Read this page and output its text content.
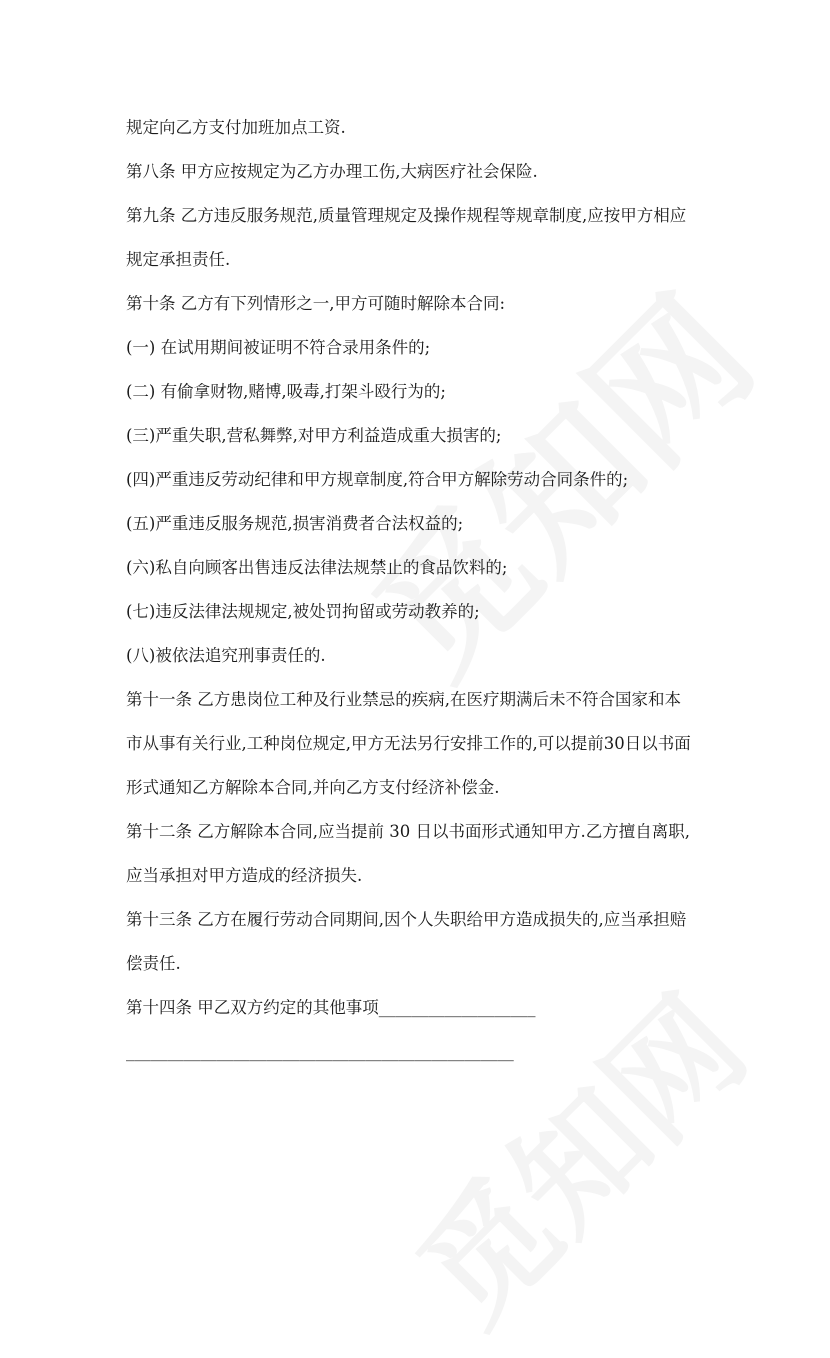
规定向乙方支付加班加点工资.
第八条 甲方应按规定为乙方办理工伤,大病医疗社会保险.
第九条 乙方违反服务规范,质量管理规定及操作规程等规章制度,应按甲方相应
规定承担责任.
第十条 乙方有下列情形之一,甲方可随时解除本合同:
(一) 在试用期间被证明不符合录用条件的;
(二) 有偷拿财物,赌博,吸毒,打架斗殴行为的;
(三)严重失职,营私舞弊,对甲方利益造成重大损害的;
(四)严重违反劳动纪律和甲方规章制度,符合甲方解除劳动合同条件的;
(五)严重违反服务规范,损害消费者合法权益的;
(六)私自向顾客出售违反法律法规禁止的食品饮料的;
(七)违反法律法规规定,被处罚拘留或劳动教养的;
(八)被依法追究刑事责任的.
第十一条 乙方患岗位工种及行业禁忌的疾病,在医疗期满后未不符合国家和本
市从事有关行业,工种岗位规定,甲方无法另行安排工作的,可以提前30日以书面
形式通知乙方解除本合同,并向乙方支付经济补偿金.
第十二条 乙方解除本合同,应当提前 30 日以书面形式通知甲方.乙方擅自离职,
应当承担对甲方造成的经济损失.
第十三条 乙方在履行劳动合同期间,因个人失职给甲方造成损失的,应当承担赔
偿责任.
第十四条 甲乙双方约定的其他事项___________________
_______________________________________________
